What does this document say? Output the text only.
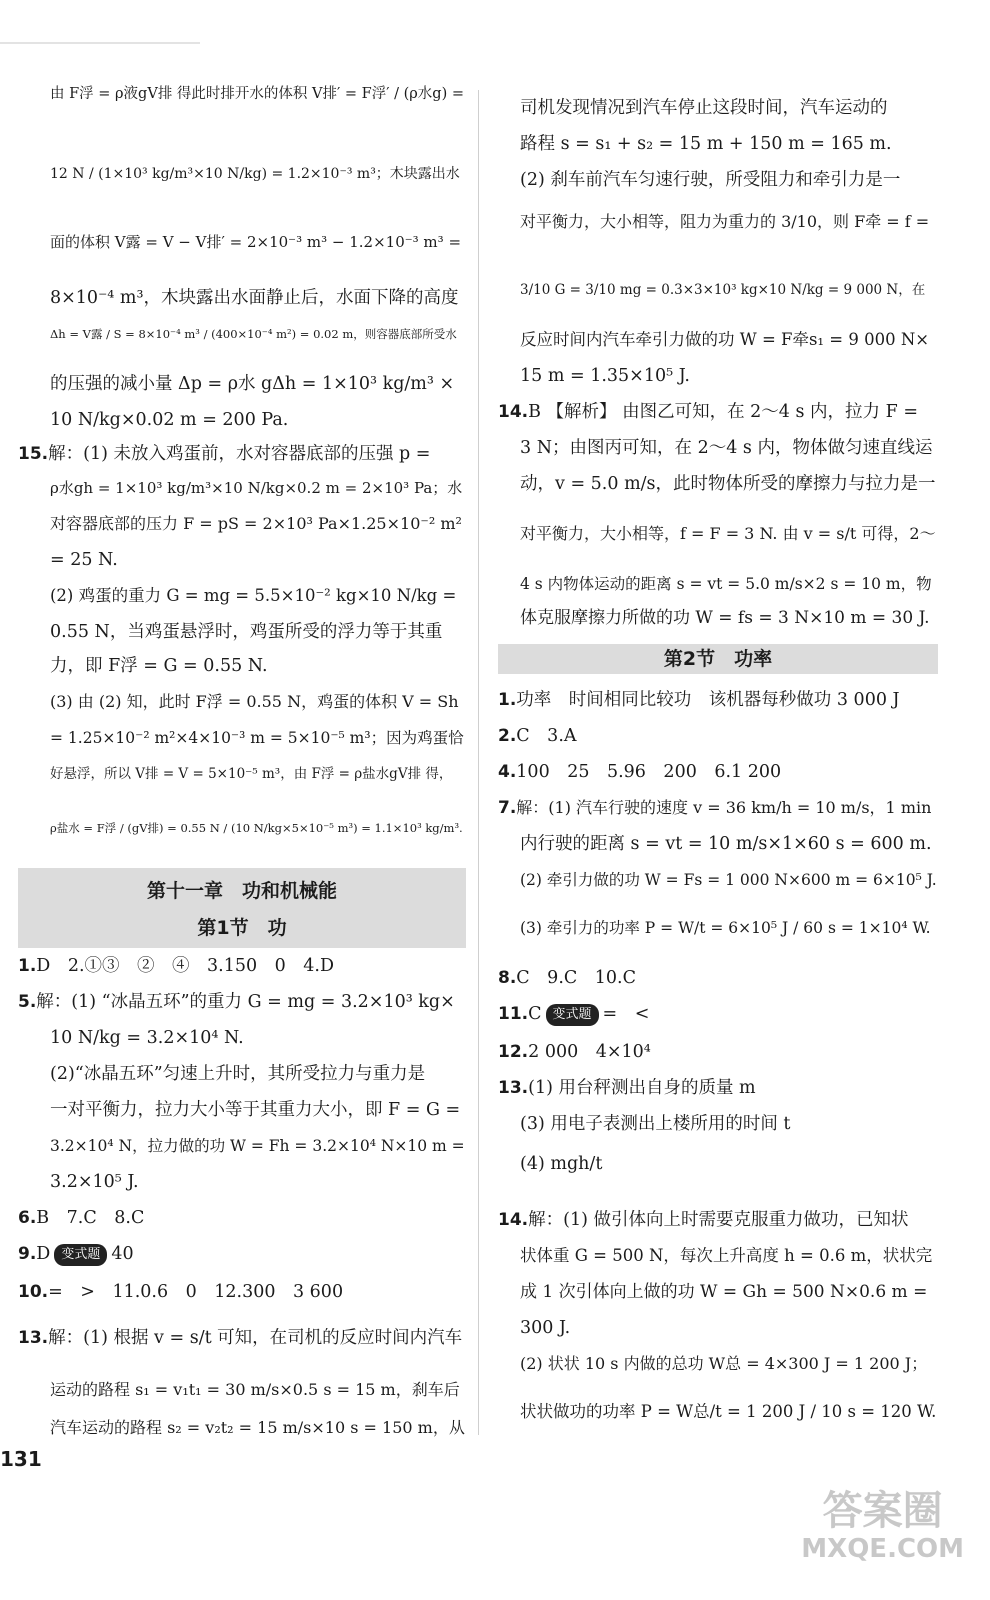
由 F浮 = ρ液gV排 得此时排开水的体积 V排′ = F浮′ / (ρ水g) =
12 N / (1×10³ kg/m³×10 N/kg) = 1.2×10⁻³ m³；木块露出水
面的体积 V露 = V − V排′ = 2×10⁻³ m³ − 1.2×10⁻³ m³ =
8×10⁻⁴ m³，木块露出水面静止后，水面下降的高度
Δh = V露 / S = 8×10⁻⁴ m³ / (400×10⁻⁴ m²) = 0.02 m，则容器底部所受水
的压强的减小量 Δp = ρ水 gΔh = 1×10³ kg/m³ ×
10 N/kg×0.02 m = 200 Pa.
15.解：(1) 未放入鸡蛋前，水对容器底部的压强 p =
ρ水gh = 1×10³ kg/m³×10 N/kg×0.2 m = 2×10³ Pa；水
对容器底部的压力 F = pS = 2×10³ Pa×1.25×10⁻² m²
= 25 N.
(2) 鸡蛋的重力 G = mg = 5.5×10⁻² kg×10 N/kg =
0.55 N，当鸡蛋悬浮时，鸡蛋所受的浮力等于其重
力，即 F浮 = G = 0.55 N.
(3) 由 (2) 知，此时 F浮 = 0.55 N，鸡蛋的体积 V = Sh
= 1.25×10⁻² m²×4×10⁻³ m = 5×10⁻⁵ m³；因为鸡蛋恰
好悬浮，所以 V排 = V = 5×10⁻⁵ m³，由 F浮 = ρ盐水gV排 得，
ρ盐水 = F浮 / (gV排) = 0.55 N / (10 N/kg×5×10⁻⁵ m³) = 1.1×10³ kg/m³.
1.D　2.①③　②　④　3.150　0　4.D
5.解：(1) “冰晶五环”的重力 G = mg = 3.2×10³ kg×
10 N/kg = 3.2×10⁴ N.
(2)“冰晶五环”匀速上升时，其所受拉力与重力是
一对平衡力，拉力大小等于其重力大小，即 F = G =
3.2×10⁴ N，拉力做的功 W = Fh = 3.2×10⁴ N×10 m =
3.2×10⁵ J.
6.B　7.C　8.C
9.D 变式题 40
10.=　>　11.0.6　0　12.300　3 600
13.解：(1) 根据 v = s/t 可知，在司机的反应时间内汽车
运动的路程 s₁ = v₁t₁ = 30 m/s×0.5 s = 15 m，刹车后
汽车运动的路程 s₂ = v₂t₂ = 15 m/s×10 s = 150 m，从
司机发现情况到汽车停止这段时间，汽车运动的
路程 s = s₁ + s₂ = 15 m + 150 m = 165 m.
(2) 刹车前汽车匀速行驶，所受阻力和牵引力是一
对平衡力，大小相等，阻力为重力的 3/10，则 F牵 = f =
3/10 G = 3/10 mg = 0.3×3×10³ kg×10 N/kg = 9 000 N，在
反应时间内汽车牵引力做的功 W = F牵s₁ = 9 000 N×
15 m = 1.35×10⁵ J.
14.B 【解析】 由图乙可知，在 2～4 s 内，拉力 F =
3 N；由图丙可知，在 2～4 s 内，物体做匀速直线运
动，v = 5.0 m/s，此时物体所受的摩擦力与拉力是一
对平衡力，大小相等，f = F = 3 N. 由 v = s/t 可得，2～
4 s 内物体运动的距离 s = vt = 5.0 m/s×2 s = 10 m，物
体克服摩擦力所做的功 W = fs = 3 N×10 m = 30 J.
1.功率　时间相同比较功　该机器每秒做功 3 000 J
2.C　3.A
4.100　25　5.96　200　6.1 200
7.解：(1) 汽车行驶的速度 v = 36 km/h = 10 m/s，1 min
内行驶的距离 s = vt = 10 m/s×1×60 s = 600 m.
(2) 牵引力做的功 W = Fs = 1 000 N×600 m = 6×10⁵ J.
(3) 牵引力的功率 P = W/t = 6×10⁵ J / 60 s = 1×10⁴ W.
8.C　9.C　10.C
11.C 变式题 =　<
12.2 000　4×10⁴
13.(1) 用台秤测出自身的质量 m
(3) 用电子表测出上楼所用的时间 t
(4) mgh/t
14.解：(1) 做引体向上时需要克服重力做功，已知状
状体重 G = 500 N，每次上升高度 h = 0.6 m，状状完
成 1 次引体向上做的功 W = Gh = 500 N×0.6 m =
300 J.
(2) 状状 10 s 内做的总功 W总 = 4×300 J = 1 200 J；
状状做功的功率 P = W总/t = 1 200 J / 10 s = 120 W.
第十一章　功和机械能
第1节　功
第2节　功率
131
答案圈
MXQE.COM
